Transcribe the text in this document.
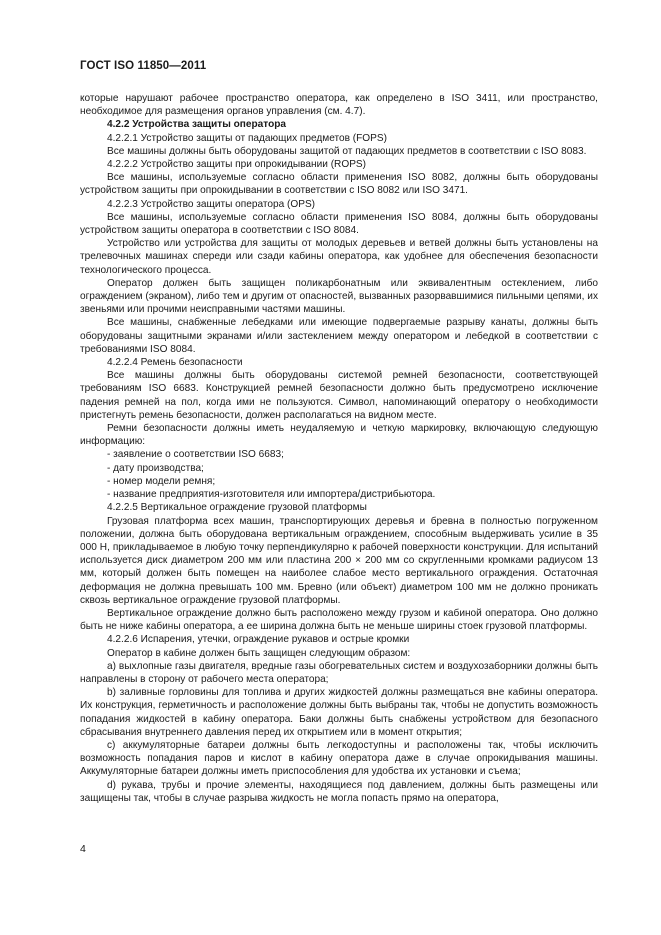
ГОСТ ISO 11850—2011

которые нарушают рабочее пространство оператора, как определено в ISO 3411, или пространство, необходимое для размещения органов управления (см. 4.7).

4.2.2 Устройства защиты оператора

4.2.2.1 Устройство защиты от падающих предметов (FOPS)

Все машины должны быть оборудованы защитой от падающих предметов в соответствии с ISO 8083.

4.2.2.2 Устройство защиты при опрокидывании (ROPS)

Все машины, используемые согласно области применения ISO 8082, должны быть оборудованы устройством защиты при опрокидывании в соответствии с ISO 8082 или ISO 3471.

4.2.2.3 Устройство защиты оператора (OPS)

Все машины, используемые согласно области применения ISO 8084, должны быть оборудованы устройством защиты оператора в соответствии с ISO 8084.

Устройство или устройства для защиты от молодых деревьев и ветвей должны быть установлены на трелевочных машинах спереди или сзади кабины оператора, как удобнее для обеспечения безопасности технологического процесса.

Оператор должен быть защищен поликарбонатным или эквивалентным остеклением, либо ограждением (экраном), либо тем и другим от опасностей, вызванных разорвавшимися пильными цепями, их звеньями или прочими неисправными частями машины.

Все машины, снабженные лебедками или имеющие подвергаемые разрыву канаты, должны быть оборудованы защитными экранами и/или застеклением между оператором и лебедкой в соответствии с требованиями ISO 8084.

4.2.2.4 Ремень безопасности

Все машины должны быть оборудованы системой ремней безопасности, соответствующей требованиям ISO 6683. Конструкцией ремней безопасности должно быть предусмотрено исключение падения ремней на пол, когда ими не пользуются. Символ, напоминающий оператору о необходимости пристегнуть ремень безопасности, должен располагаться на видном месте.

Ремни безопасности должны иметь неудаляемую и четкую маркировку, включающую следующую информацию:

- заявление о соответствии ISO 6683;

- дату производства;

- номер модели ремня;

- название предприятия-изготовителя или импортера/дистрибьютора.

4.2.2.5 Вертикальное ограждение грузовой платформы

Грузовая платформа всех машин, транспортирующих деревья и бревна в полностью погруженном положении, должна быть оборудована вертикальным ограждением, способным выдерживать усилие в 35 000 Н, прикладываемое в любую точку перпендикулярно к рабочей поверхности конструкции. Для испытаний используется диск диаметром 200 мм или пластина 200 × 200 мм со скругленными кромками радиусом 13 мм, который должен быть помещен на наиболее слабое место вертикального ограждения. Остаточная деформация не должна превышать 100 мм. Бревно (или объект) диаметром 100 мм не должно проникать сквозь вертикальное ограждение грузовой платформы.

Вертикальное ограждение должно быть расположено между грузом и кабиной оператора. Оно должно быть не ниже кабины оператора, а ее ширина должна быть не меньше ширины стоек грузовой платформы.

4.2.2.6 Испарения, утечки, ограждение рукавов и острые кромки

Оператор в кабине должен быть защищен следующим образом:

a) выхлопные газы двигателя, вредные газы обогревательных систем и воздухозаборники должны быть направлены в сторону от рабочего места оператора;

b) заливные горловины для топлива и других жидкостей должны размещаться вне кабины оператора. Их конструкция, герметичность и расположение должны быть выбраны так, чтобы не допустить возможность попадания жидкостей в кабину оператора. Баки должны быть снабжены устройством для безопасного сбрасывания внутреннего давления перед их открытием или в момент открытия;

c) аккумуляторные батареи должны быть легкодоступны и расположены так, чтобы исключить возможность попадания паров и кислот в кабину оператора даже в случае опрокидывания машины. Аккумуляторные батареи должны иметь приспособления для удобства их установки и съема;

d) рукава, трубы и прочие элементы, находящиеся под давлением, должны быть размещены или защищены так, чтобы в случае разрыва жидкость не могла попасть прямо на оператора,

4
